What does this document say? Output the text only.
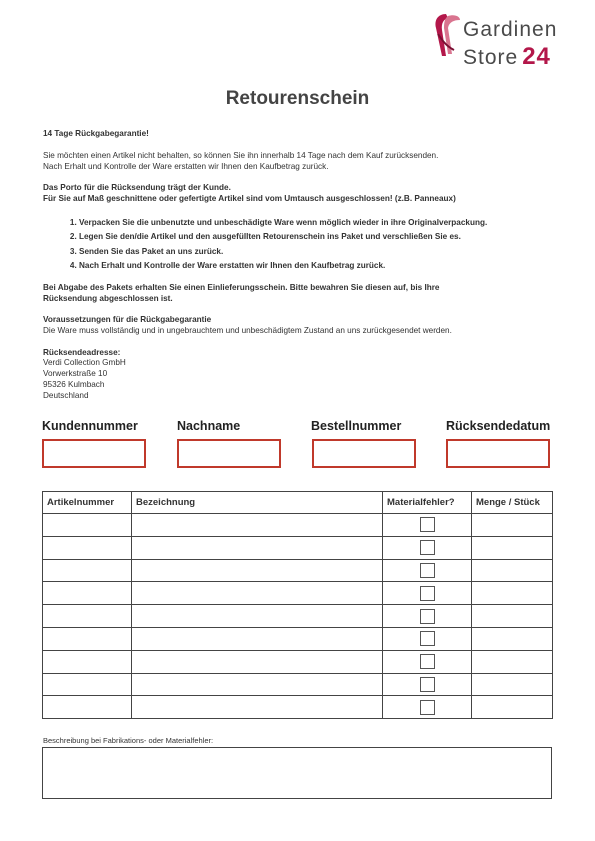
Gardinen
Store 24
Retourenschein
14 Tage Rückgabegarantie!
Sie möchten einen Artikel nicht behalten, so können Sie ihn innerhalb 14 Tage nach dem Kauf zurücksenden.
Nach Erhalt und Kontrolle der Ware erstatten wir Ihnen den Kaufbetrag zurück.
Das Porto für die Rücksendung trägt der Kunde.
Für Sie auf Maß geschnittene oder gefertigte Artikel sind vom Umtausch ausgeschlossen! (z.B. Panneaux)
1. Verpacken Sie die unbenutzte und unbeschädigte Ware wenn möglich wieder in ihre Originalverpackung.
2. Legen Sie den/die Artikel und den ausgefüllten Retourenschein ins Paket und verschließen Sie es.
3. Senden Sie das Paket an uns zurück.
4. Nach Erhalt und Kontrolle der Ware erstatten wir Ihnen den Kaufbetrag zurück.
Bei Abgabe des Pakets erhalten Sie einen Einlieferungsschein. Bitte bewahren Sie diesen auf, bis Ihre
Rücksendung abgeschlossen ist.
Voraussetzungen für die Rückgabegarantie
Die Ware muss vollständig und in ungebrauchtem und unbeschädigtem Zustand an uns zurückgesendet werden.
Rücksendeadresse:
Verdi Collection GmbH
Vorwerkstraße 10
95326 Kulmbach
Deutschland
Kundennummer	Nachname	Bestellnummer	Rücksendedatum
Artikelnummer	Bezeichnung	Materialfehler?	Menge / Stück

Beschreibung bei Fabrikations- oder Materialfehler:
